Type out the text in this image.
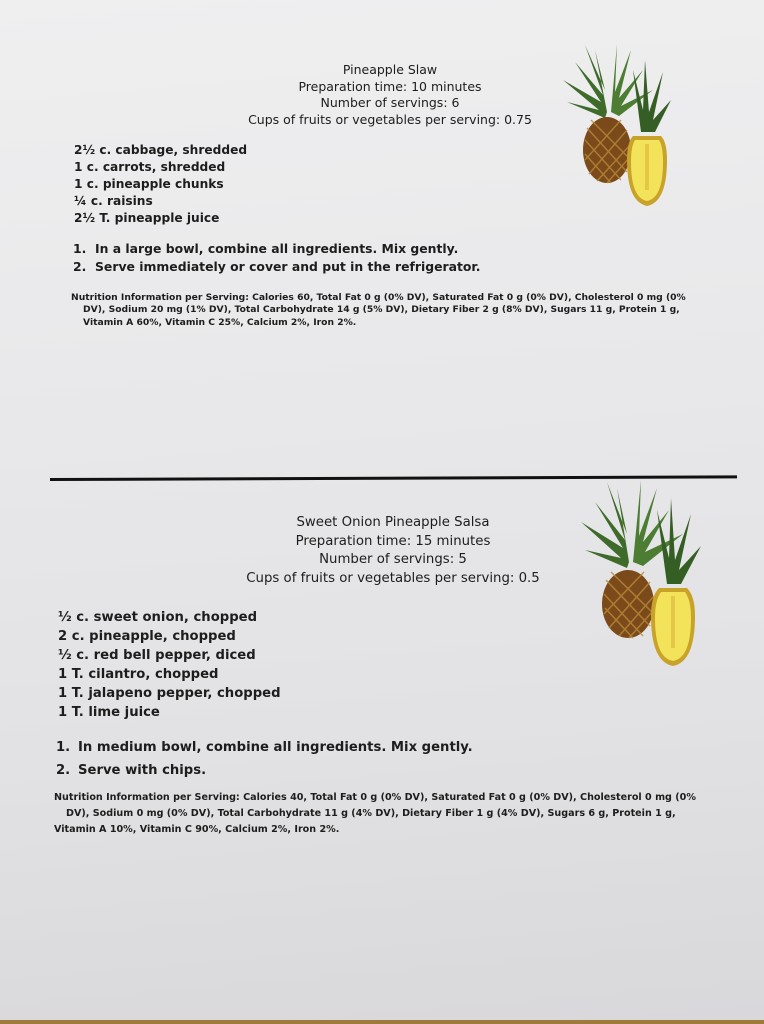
Pineapple Slaw
Preparation time: 10 minutes
Number of servings: 6
Cups of fruits or vegetables per serving: 0.75
2½ c. cabbage, shredded
1 c. carrots, shredded
1 c. pineapple chunks
¼ c. raisins
2½ T. pineapple juice
1. In a large bowl, combine all ingredients. Mix gently.
2. Serve immediately or cover and put in the refrigerator.
Nutrition Information per Serving: Calories 60, Total Fat 0 g (0% DV), Saturated Fat 0 g (0% DV), Cholesterol 0 mg (0%
DV), Sodium 20 mg (1% DV), Total Carbohydrate 14 g (5% DV), Dietary Fiber 2 g (8% DV), Sugars 11 g, Protein 1 g,
Vitamin A 60%, Vitamin C 25%, Calcium 2%, Iron 2%.
Sweet Onion Pineapple Salsa
Preparation time: 15 minutes
Number of servings: 5
Cups of fruits or vegetables per serving: 0.5
½ c. sweet onion, chopped
2 c. pineapple, chopped
½ c. red bell pepper, diced
1 T. cilantro, chopped
1 T. jalapeno pepper, chopped
1 T. lime juice
1. In medium bowl, combine all ingredients. Mix gently.
2. Serve with chips.
Nutrition Information per Serving: Calories 40, Total Fat 0 g (0% DV), Saturated Fat 0 g (0% DV), Cholesterol 0 mg (0%
DV), Sodium 0 mg (0% DV), Total Carbohydrate 11 g (4% DV), Dietary Fiber 1 g (4% DV), Sugars 6 g, Protein 1 g,
Vitamin A 10%, Vitamin C 90%, Calcium 2%, Iron 2%.
